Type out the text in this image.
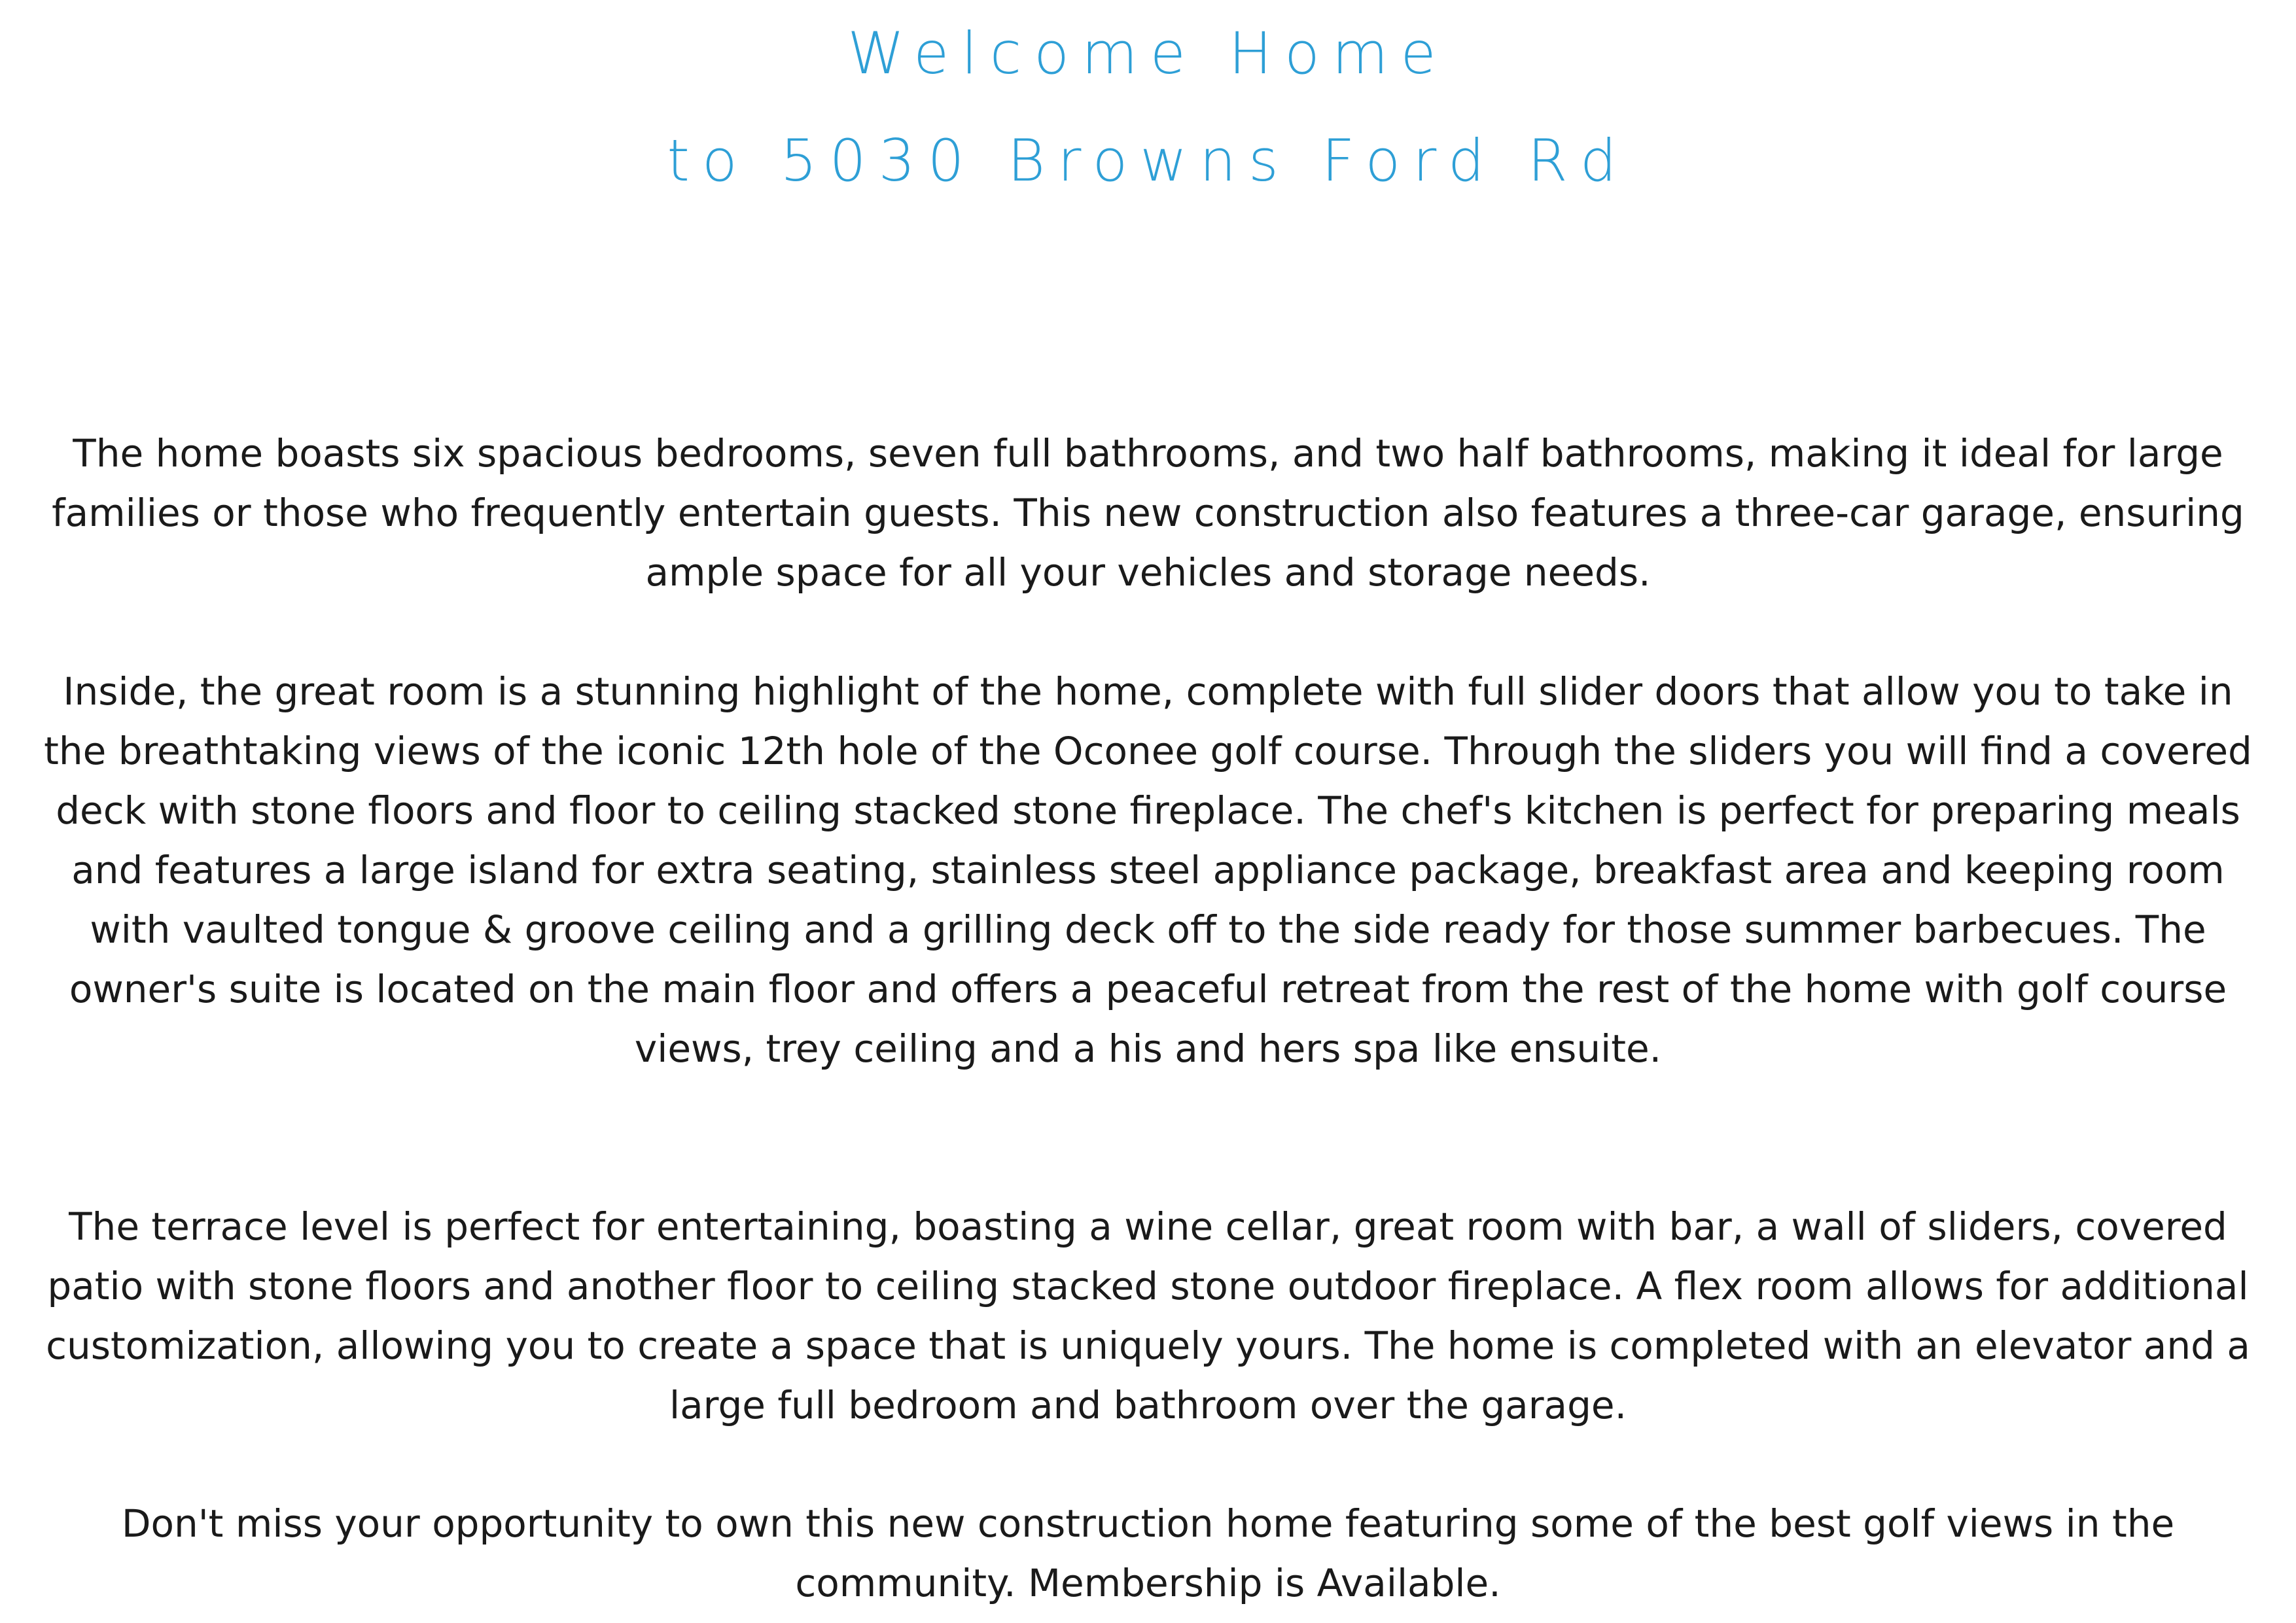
Welcome Home
to 5030 Browns Ford Rd

The home boasts six spacious bedrooms, seven full bathrooms, and two half bathrooms, making it ideal for large families or those who frequently entertain guests. This new construction also features a three-car garage, ensuring ample space for all your vehicles and storage needs.

Inside, the great room is a stunning highlight of the home, complete with full slider doors that allow you to take in the breathtaking views of the iconic 12th hole of the Oconee golf course. Through the sliders you will find a covered deck with stone floors and floor to ceiling stacked stone fireplace. The chef's kitchen is perfect for preparing meals and features a large island for extra seating, stainless steel appliance package, breakfast area and keeping room with vaulted tongue & groove ceiling and a grilling deck off to the side ready for those summer barbecues. The owner's suite is located on the main floor and offers a peaceful retreat from the rest of the home with golf course views, trey ceiling and a his and hers spa like ensuite.

The terrace level is perfect for entertaining, boasting a wine cellar, great room with bar, a wall of sliders, covered patio with stone floors and another floor to ceiling stacked stone outdoor fireplace. A flex room allows for additional customization, allowing you to create a space that is uniquely yours. The home is completed with an elevator and a large full bedroom and bathroom over the garage.

Don't miss your opportunity to own this new construction home featuring some of the best golf views in the community. Membership is Available.
